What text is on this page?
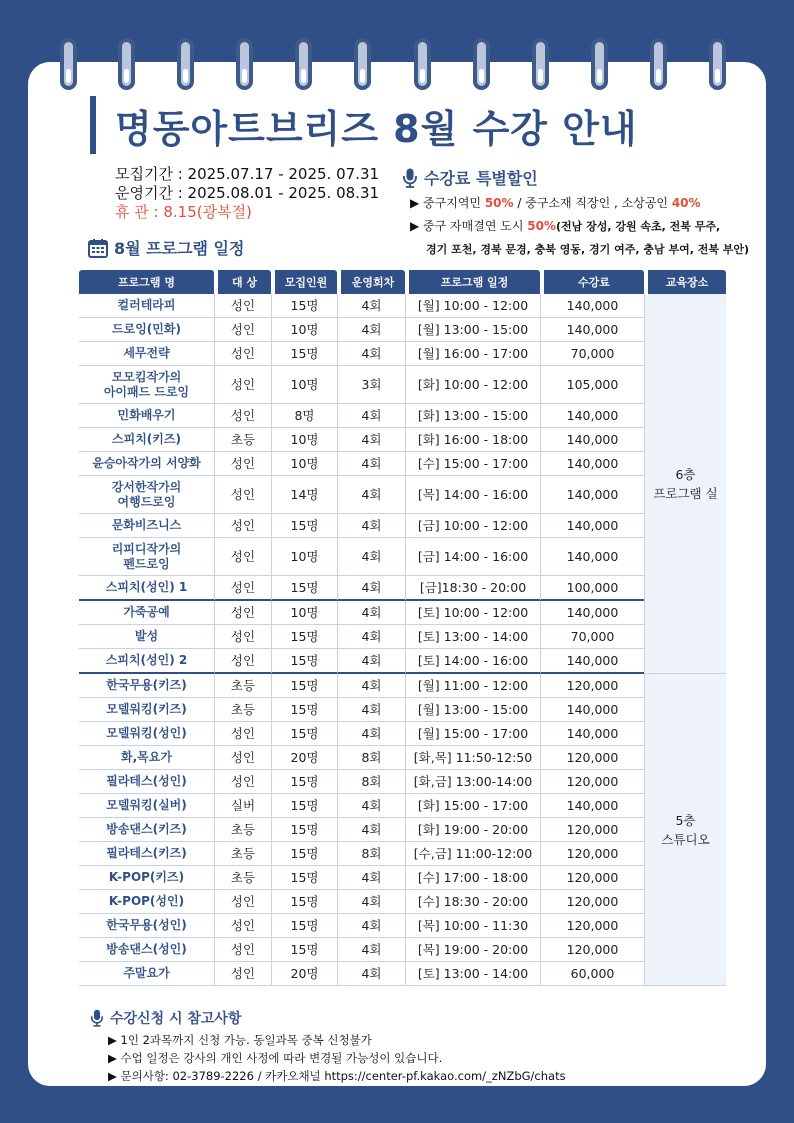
명동아트브리즈 8월 수강 안내
모집기간 : 2025.07.17 - 2025. 07.31
운영기간 : 2025.08.01 - 2025. 08.31
휴 관 : 8.15(광복절)
수강료 특별할인
▶ 중구지역민 50% / 중구소재 직장인 , 소상공인 40%
▶ 중구 자매결연 도시 50%(전남 장성, 강원 속초, 전북 무주,
경기 포천, 경북 문경, 충북 영동, 경기 여주, 충남 부여, 전북 부안)
8월 프로그램 일정
프로그램 명	대 상	모집인원	운영회차	프로그램 일정	수강료	교육장소
컬러테라피	성인	15명	4회	[월] 10:00 - 12:00	140,000	6층
프로그램 실
드로잉(민화)	성인	10명	4회	[월] 13:00 - 15:00	140,000	
세무전략	성인	15명	4회	[월] 16:00 - 17:00	70,000	
모모킴작가의
아이패드 드로잉	성인	10명	3회	[화] 10:00 - 12:00	105,000	
민화배우기	성인	8명	4회	[화] 13:00 - 15:00	140,000	
스피치(키즈)	초등	10명	4회	[화] 16:00 - 18:00	140,000	
윤승아작가의 서양화	성인	10명	4회	[수] 15:00 - 17:00	140,000	
강서한작가의
여행드로잉	성인	14명	4회	[목] 14:00 - 16:00	140,000	
문화비즈니스	성인	15명	4회	[금] 10:00 - 12:00	140,000	
리피디작가의
펜드로잉	성인	10명	4회	[금] 14:00 - 16:00	140,000	
스피치(성인) 1	성인	15명	4회	[금]18:30 - 20:00	100,000	
가죽공예	성인	10명	4회	[토] 10:00 - 12:00	140,000	
발성	성인	15명	4회	[토] 13:00 - 14:00	70,000	
스피치(성인) 2	성인	15명	4회	[토] 14:00 - 16:00	140,000	
한국무용(키즈)	초등	15명	4회	[월] 11:00 - 12:00	120,000	5층
스튜디오
모델워킹(키즈)	초등	15명	4회	[월] 13:00 - 15:00	140,000	
모델워킹(성인)	성인	15명	4회	[월] 15:00 - 17:00	140,000	
화,목요가	성인	20명	8회	[화,목] 11:50-12:50	120,000	
필라테스(성인)	성인	15명	8회	[화,금] 13:00-14:00	120,000	
모델워킹(실버)	실버	15명	4회	[화] 15:00 - 17:00	140,000	
방송댄스(키즈)	초등	15명	4회	[화] 19:00 - 20:00	120,000	
필라테스(키즈)	초등	15명	8회	[수,금] 11:00-12:00	120,000	
K-POP(키즈)	초등	15명	4회	[수] 17:00 - 18:00	120,000	
K-POP(성인)	성인	15명	4회	[수] 18:30 - 20:00	120,000	
한국무용(성인)	성인	15명	4회	[목] 10:00 - 11:30	120,000	
방송댄스(성인)	성인	15명	4회	[목] 19:00 - 20:00	120,000	
주말요가	성인	20명	4회	[토] 13:00 - 14:00	60,000	
수강신청 시 참고사항
▶ 1인 2과목까지 신청 가능. 동일과목 중복 신청불가
▶ 수업 일정은 강사의 개인 사정에 따라 변경될 가능성이 있습니다.
▶ 문의사항: 02-3789-2226 / 카카오채널 https://center-pf.kakao.com/_zNZbG/chats
